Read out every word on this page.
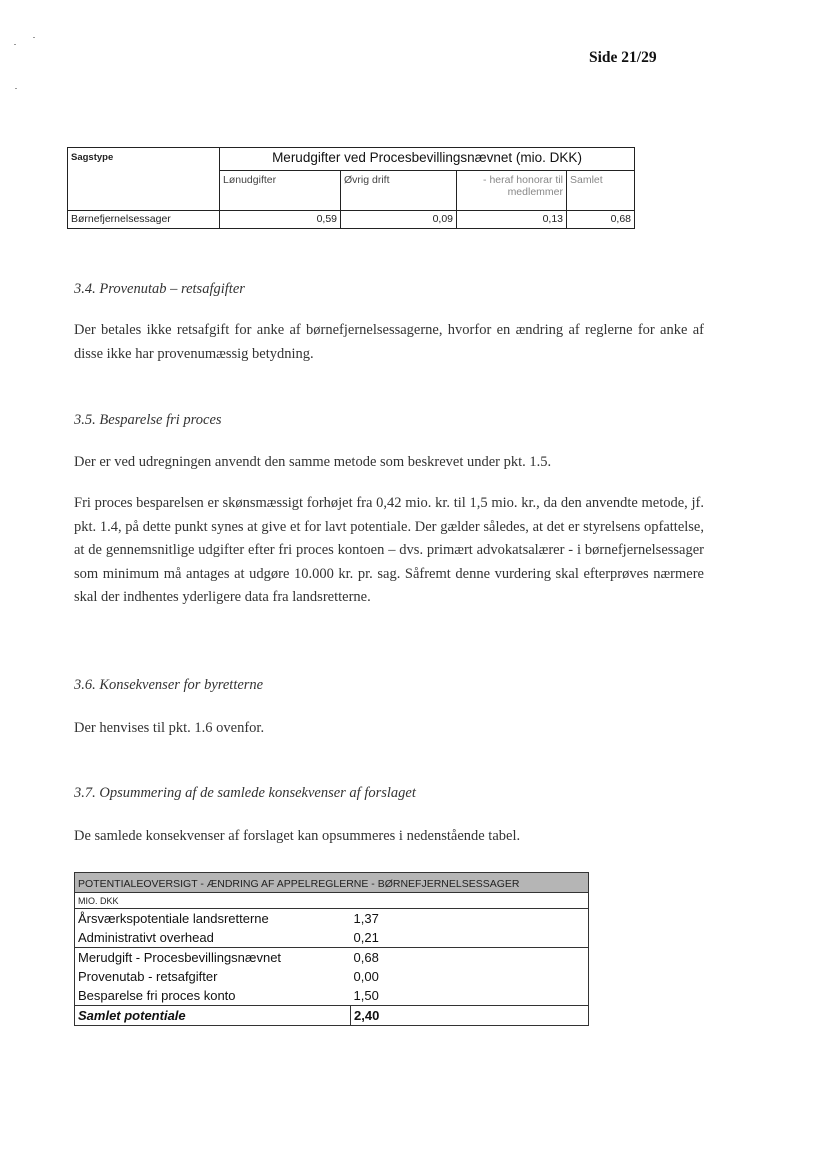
Side 21/29
Sagstype	Merudgifter ved Procesbevillingsnævnet (mio. DKK)			
	Lønudgifter	Øvrig drift	- heraf honorar til medlemmer	Samlet
Børnefjernelsessager	0,59	0,09	0,13	0,68
3.4. Provenutab – retsafgifter

Der betales ikke retsafgift for anke af børnefjernelsessagerne, hvorfor en ændring af reglerne for anke af disse ikke har provenumæssig betydning.

3.5. Besparelse fri proces

Der er ved udregningen anvendt den samme metode som beskrevet under pkt. 1.5.

Fri proces besparelsen er skønsmæssigt forhøjet fra 0,42 mio. kr. til 1,5 mio. kr., da den anvendte metode, jf. pkt. 1.4, på dette punkt synes at give et for lavt potentiale. Der gælder således, at det er styrelsens opfattelse, at de gennemsnitlige udgifter efter fri proces kontoen – dvs. primært advokatsalærer - i børnefjernelsessager som minimum må antages at udgøre 10.000 kr. pr. sag. Såfremt denne vurdering skal efterprøves nærmere skal der indhentes yderligere data fra landsretterne.

3.6. Konsekvenser for byretterne

Der henvises til pkt. 1.6 ovenfor.

3.7. Opsummering af de samlede konsekvenser af forslaget

De samlede konsekvenser af forslaget kan opsummeres i nedenstående tabel.

POTENTIALEOVERSIGT - ÆNDRING AF APPELREGLERNE - BØRNEFJERNELSESSAGER	
MIO. DKK	
Årsværkspotentiale landsretterne	1,37
Administrativt overhead	0,21
Merudgift - Procesbevillingsnævnet	0,68
Provenutab - retsafgifter	0,00
Besparelse fri proces konto	1,50
Samlet potentiale	2,40
